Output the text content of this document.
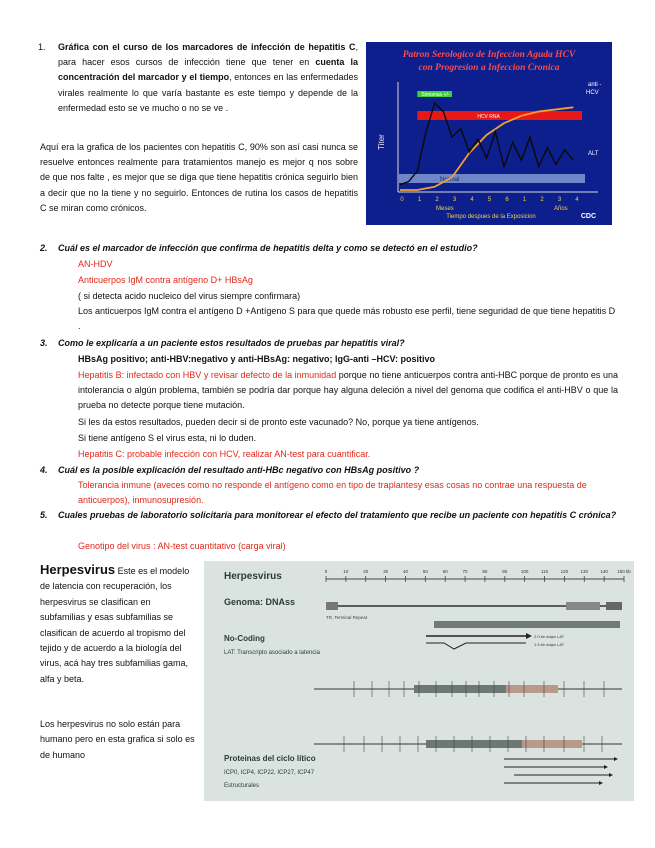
1. Gráfica con el curso de los marcadores de infección de hepatitis C, para hacer esos cursos de infección tiene que tener en cuenta la concentración del marcador y el tiempo, entonces en las enfermedades virales realmente lo que varía bastante es este tiempo y depende de la enfermedad esto se ve mucho o no se ve .
Aquí era la grafica de los pacientes con hepatitis C, 90% son así casi nunca se resuelve entonces realmente para tratamientos manejo es mejor q nos sobre de que nos falte , es mejor que se diga que tiene hepatitis crónica seguirlo bien a decir que no la tiene y no seguirlo. Entonces de rutina los casos de hepatitis C se miran como crónicos.
Patron Serologico de Infeccion Aguda HCV
con Progresion a Infeccion Cronica
Titer
Normal
Sintomas +/-
HCV RNA
anti -
HCV
ALT
0 1 2 3 4 5 6 1 2 3 4
Meses	Años
Tiempo despues de la Exposicion	CDC
2. Cuál es el marcador de infección que confirma de hepatitis delta y como se detectó en el estudio?
AN-HDV
Anticuerpos IgM contra antígeno D+ HBsAg
( si detecta acido nucleico del virus siempre confirmara)
Los anticuerpos IgM contra el antígeno D +Antígeno S para que quede más robusto ese perfil, tiene seguridad de que tiene hepatitis D .
3. Como le explicaría a un paciente estos resultados de pruebas par hepatitis viral?
HBsAg positivo; anti-HBV:negativo y anti-HBsAg: negativo; IgG-anti –HCV: positivo
Hepatitis B: infectado con HBV y revisar defecto de la inmunidad porque no tiene anticuerpos contra anti-HBC porque de pronto es una intolerancia o algún problema, también se podría dar porque hay alguna deleción a nivel del genoma que codifica el anti-HBV o que la prueba no detecte porque tiene mutación.
Si les da estos resultados, pueden decir si de pronto este vacunado? No, porque ya tiene antígenos.
Si tiene antígeno S el virus esta, ni lo duden.
Hepatitis C: probable infección con HCV, realizar AN-test para cuantificar.
4. Cuál es la posible explicación del resultado anti-HBc negativo con HBsAg positivo ?
Tolerancia inmune (aveces como no responde el antígeno como en tipo de traplantesy esas cosas no contrae una respuesta de anticuerpos), inmunosupresión.
5. Cuales pruebas de laboratorio solicitaría para monitorear el efecto del tratamiento que recibe un paciente con hepatitis C crónica?
Genotipo del virus : AN-test cuantitativo (carga viral)
Herpesvirus Este es el modelo de latencia con recuperación, los herpesvirus se clasifican en subfamilias y esas subfamilias se clasifican de acuerdo al tropismo del tejido y de acuerdo a la biología del virus, acá hay tres subfamilias gama, alfa y beta.
Los herpesvirus no solo están para humano pero en esta grafica si solo es de humano
Herpesvirus	0	10	20	30	40	50	60	70	80	90	100	110	120	130	140 150 kb
Genoma: DNAss
TR, Terminal Repeat
No-Coding
LAT: Transcripto asociado a latencia
2.0 kb major LAT
1.5 kb major LAT
Proteinas del ciclo lítico
ICP0, ICP4, ICP22, ICP27, ICP47
Estructurales
